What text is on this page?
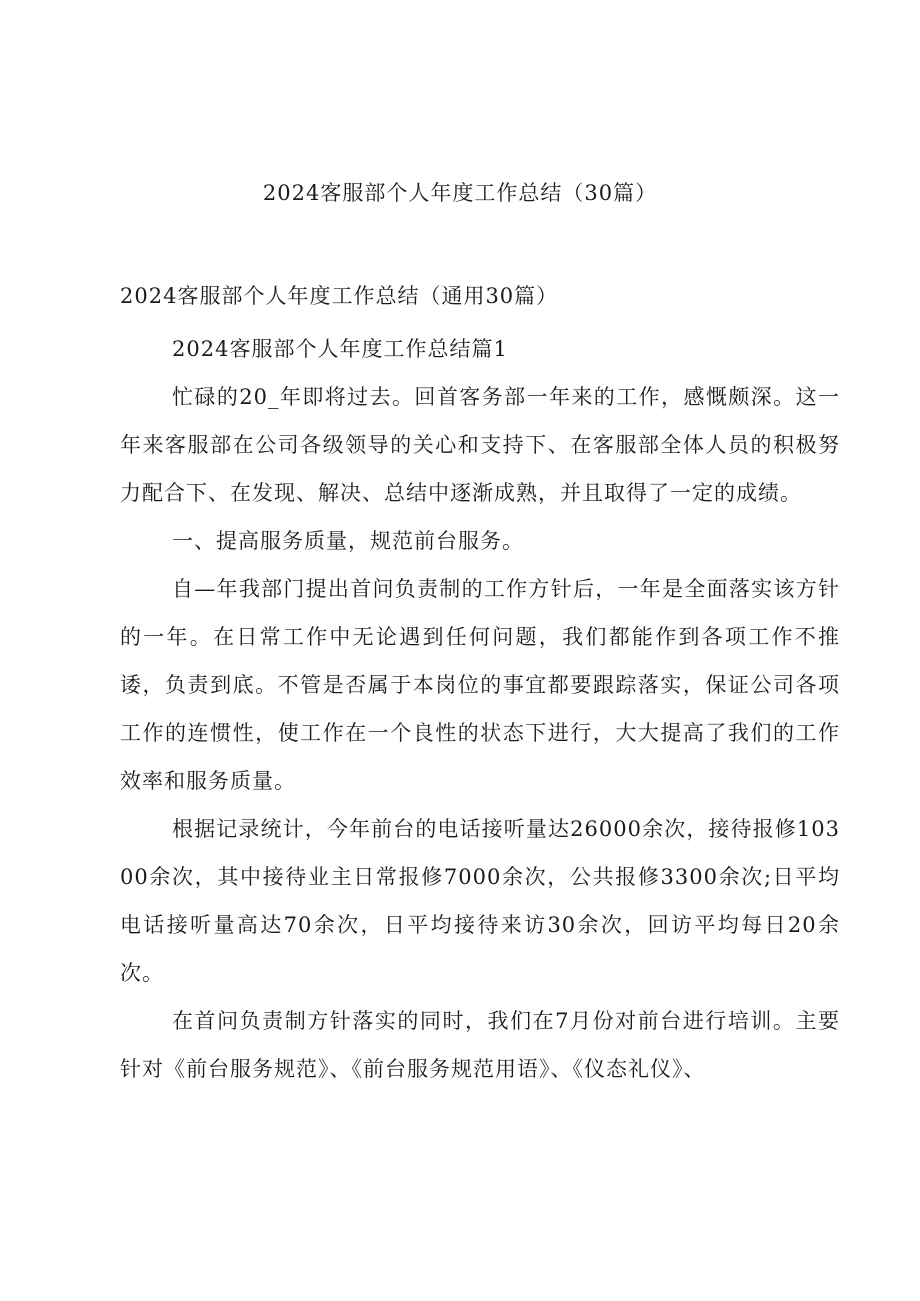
2024客服部个人年度工作总结（30篇）
2024客服部个人年度工作总结（通用30篇）

2024客服部个人年度工作总结篇1

忙碌的20_年即将过去。回首客务部一年来的工作，感慨颇深。这一年来客服部在公司各级领导的关心和支持下、在客服部全体人员的积极努力配合下、在发现、解决、总结中逐渐成熟，并且取得了一定的成绩。

一、提高服务质量，规范前台服务。

自—年我部门提出首问负责制的工作方针后，一年是全面落实该方针的一年。在日常工作中无论遇到任何问题，我们都能作到各项工作不推诿，负责到底。不管是否属于本岗位的事宜都要跟踪落实，保证公司各项工作的连惯性，使工作在一个良性的状态下进行，大大提高了我们的工作效率和服务质量。

根据记录统计，今年前台的电话接听量达26000余次，接待报修10300余次，其中接待业主日常报修7000余次，公共报修3300余次;日平均电话接听量高达70余次，日平均接待来访30余次，回访平均每日20余次。

在首问负责制方针落实的同时，我们在7月份对前台进行培训。主要针对《前台服务规范》、《前台服务规范用语》、《仪态礼仪》、
